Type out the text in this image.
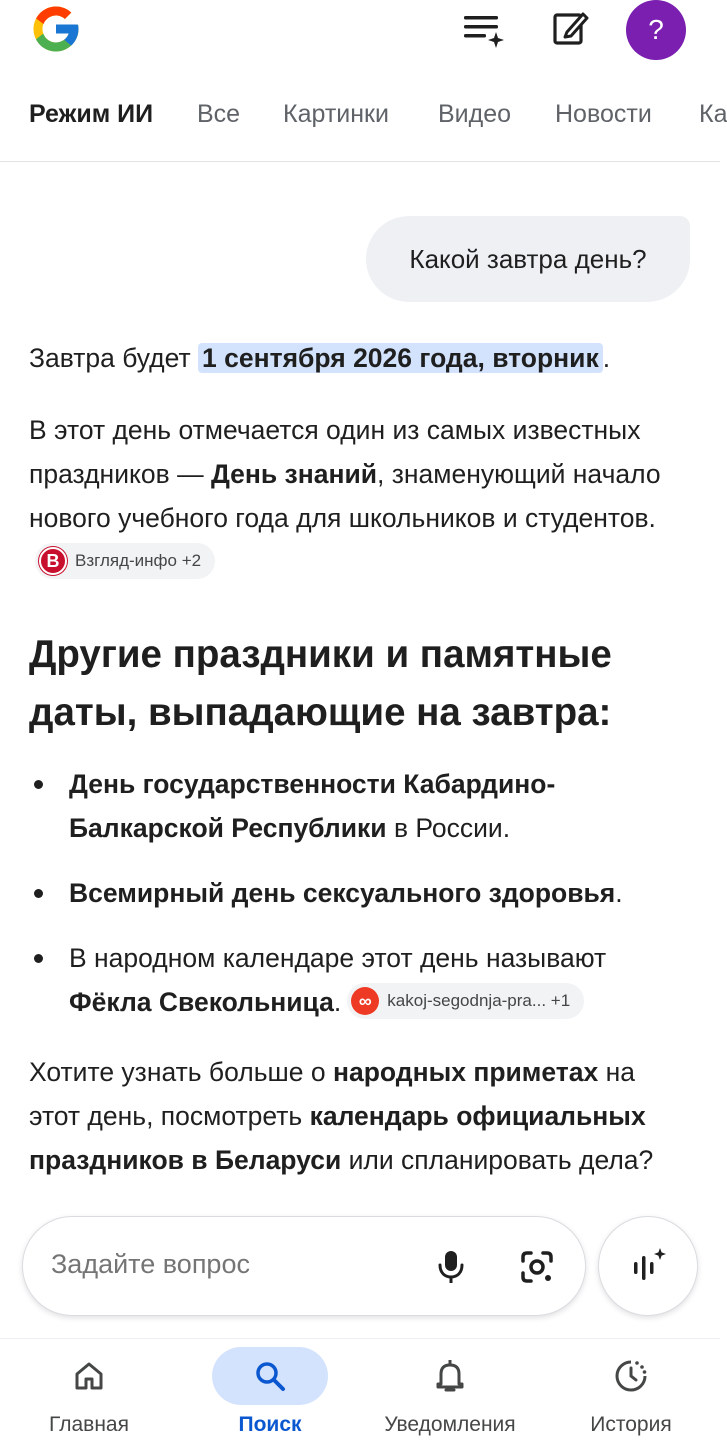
?
Режим ИИ Все Картинки Видео Новости Ка
Какой завтра день?
Завтра будет 1 сентября 2026 года, вторник .
В этот день отмечается один из самых известных праздников — День знаний, знаменующий начало нового учебного года для школьников и студентов.
B Взгляд-инфо +2
Другие праздники и памятные даты, выпадающие на завтра:
День государственности Кабардино-Балкарской Республики в России.
Всемирный день сексуального здоровья.
В народном календаре этот день называют Фёкла Свекольница. ∞ kakoj-segodnja-pra... +1
Хотите узнать больше о народных приметах на этот день, посмотреть календарь официальных праздников в Беларуси или спланировать дела?
Задайте вопрос
Главная	Поиск	Уведомления	История
